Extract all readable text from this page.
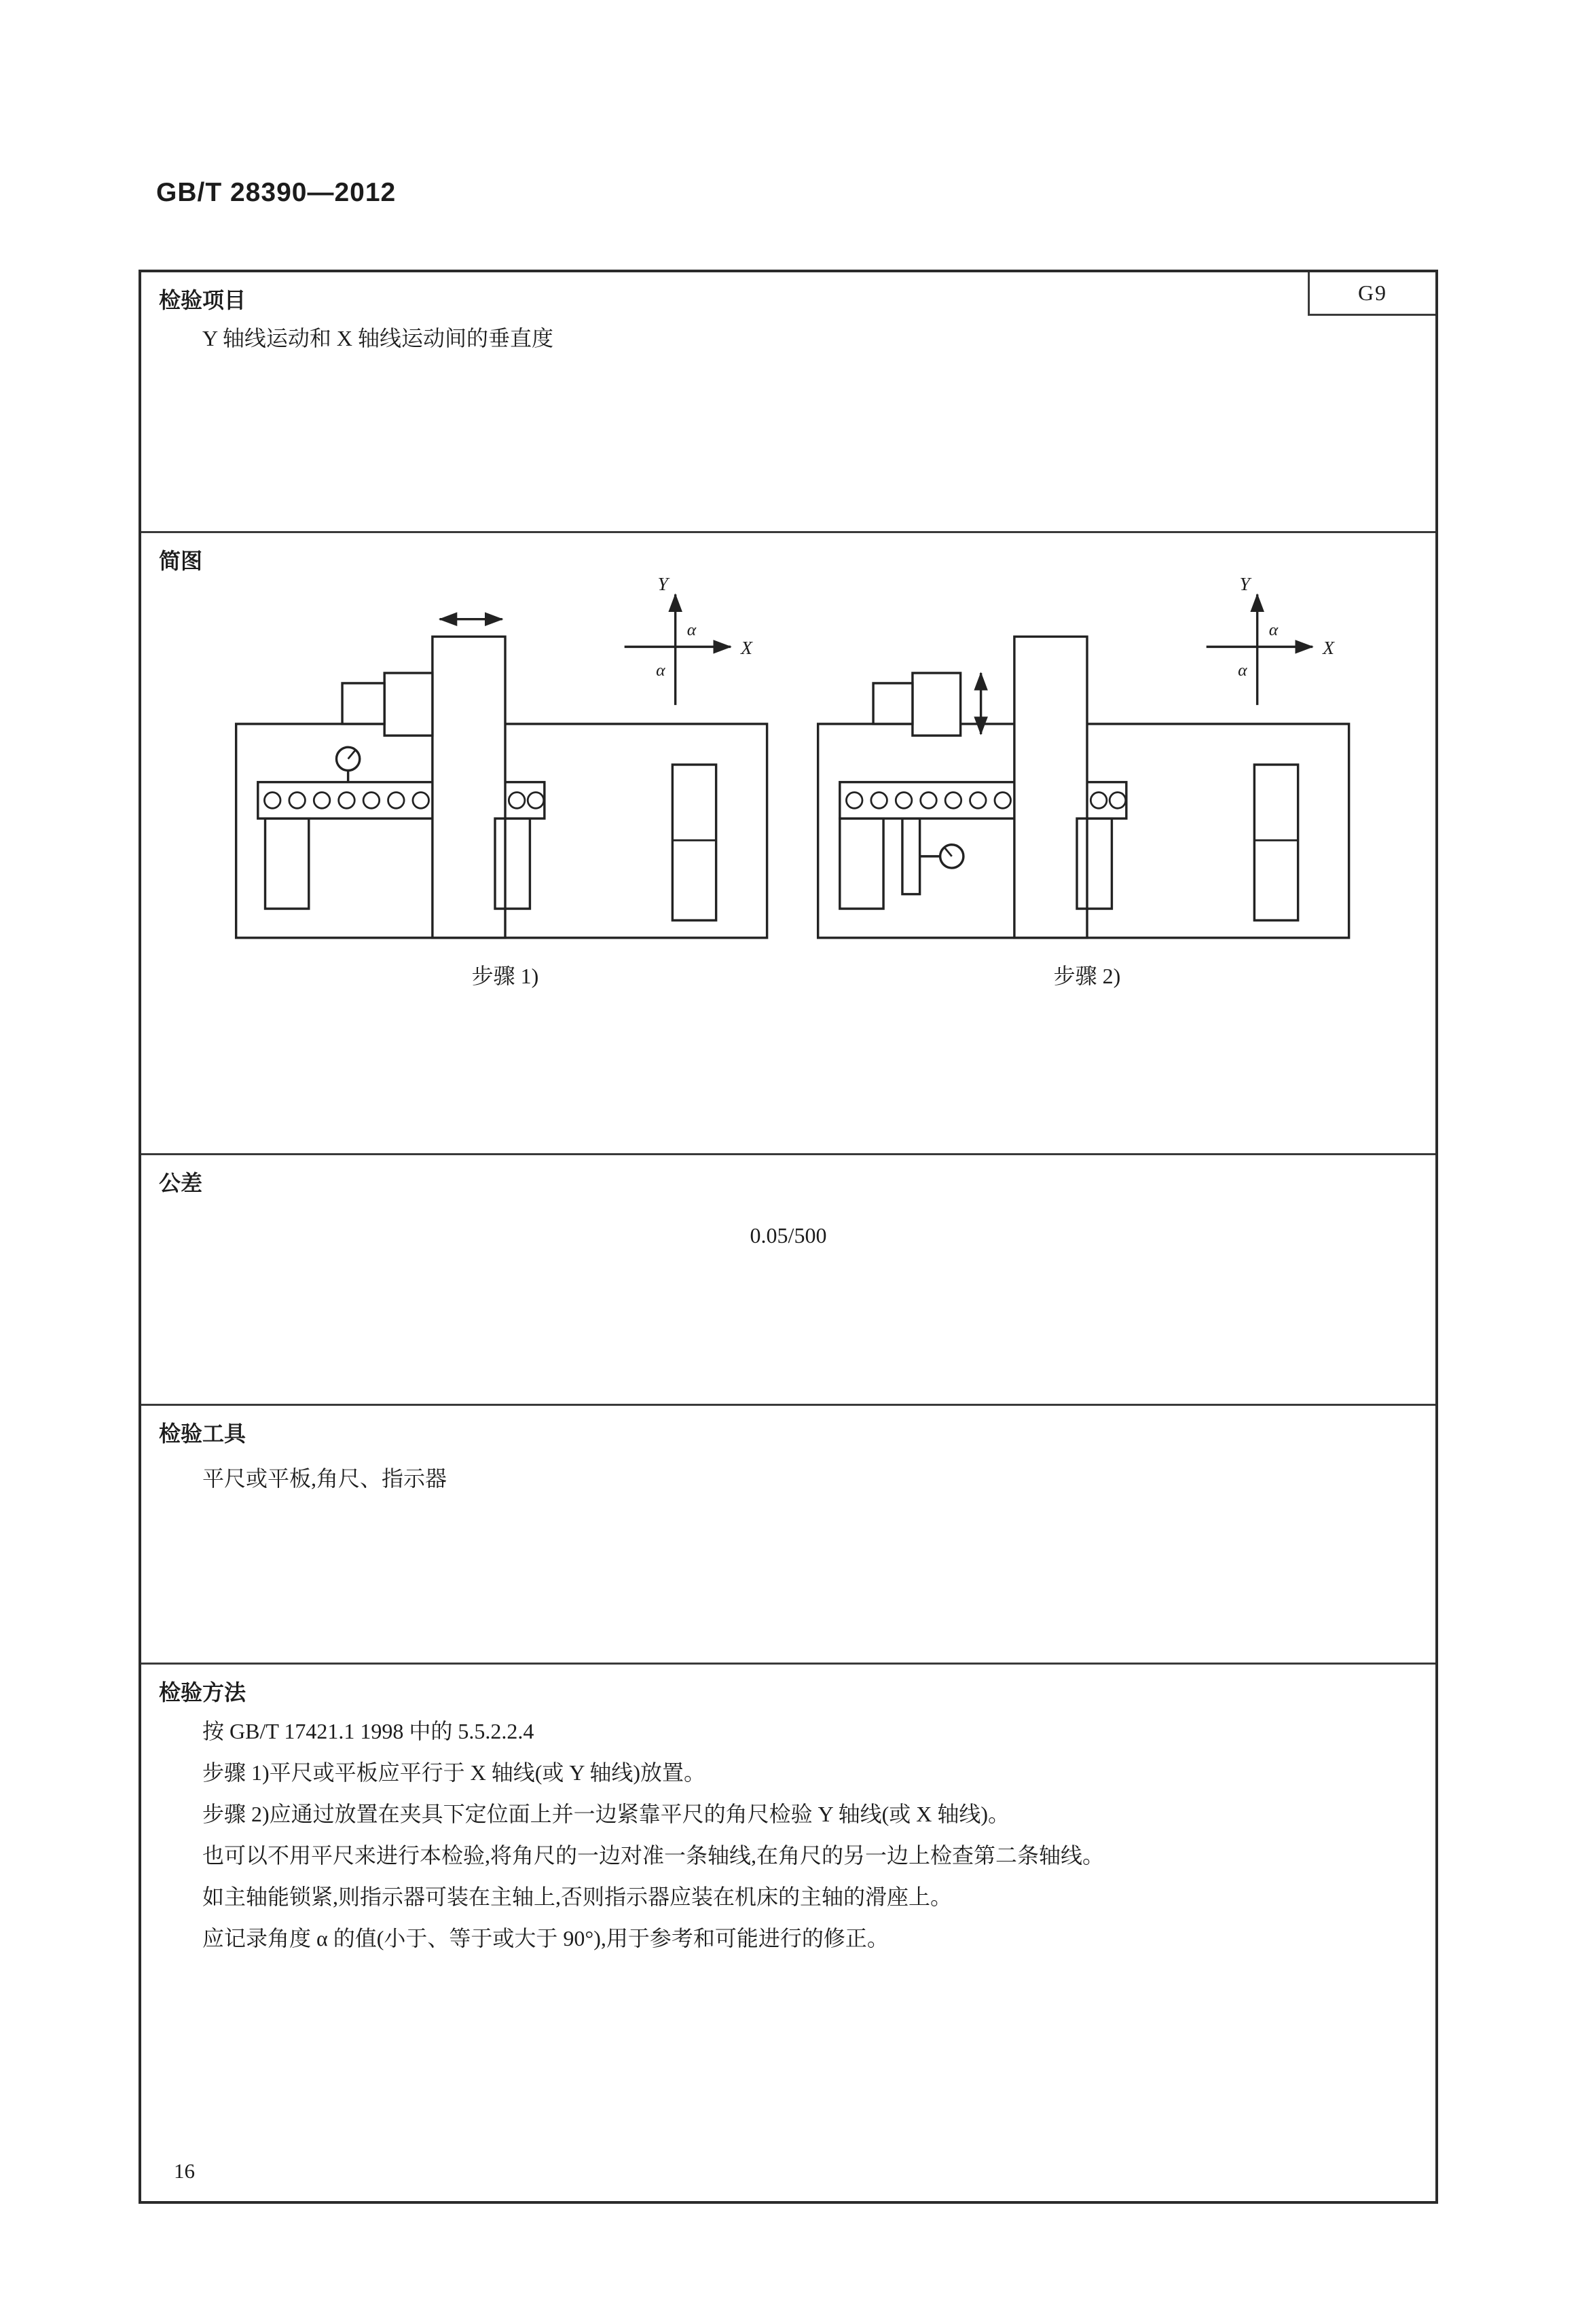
GB/T 28390—2012
检验项目	G9
Y 轴线运动和 X 轴线运动间的垂直度
简图
Y
X
α
α
步骤 1)
Y
X
α
α
步骤 2)
公差
0.05/500
检验工具
平尺或平板,角尺、指示器
检验方法
按 GB/T 17421.1 1998 中的 5.5.2.2.4
步骤 1)平尺或平板应平行于 X 轴线(或 Y 轴线)放置。
步骤 2)应通过放置在夹具下定位面上并一边紧靠平尺的角尺检验 Y 轴线(或 X 轴线)。
也可以不用平尺来进行本检验,将角尺的一边对准一条轴线,在角尺的另一边上检查第二条轴线。
如主轴能锁紧,则指示器可装在主轴上,否则指示器应装在机床的主轴的滑座上。
应记录角度 α 的值(小于、等于或大于 90°),用于参考和可能进行的修正。
16
